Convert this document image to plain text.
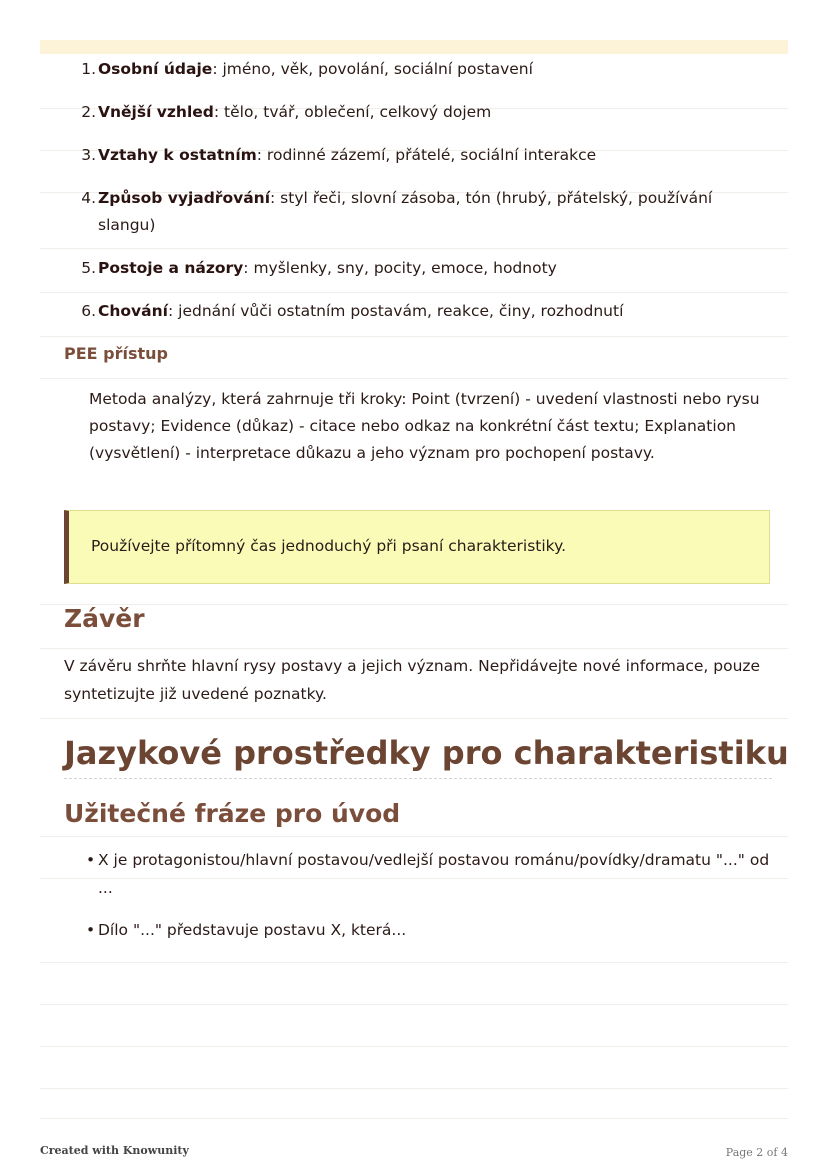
1. Osobní údaje: jméno, věk, povolání, sociální postavení
2. Vnější vzhled: tělo, tvář, oblečení, celkový dojem
3. Vztahy k ostatním: rodinné zázemí, přátelé, sociální interakce
4. Způsob vyjadřování: styl řeči, slovní zásoba, tón (hrubý, přátelský, používání slangu)
5. Postoje a názory: myšlenky, sny, pocity, emoce, hodnoty
6. Chování: jednání vůči ostatním postavám, reakce, činy, rozhodnutí
PEE přístup
Metoda analýzy, která zahrnuje tři kroky: Point (tvrzení) - uvedení vlastnosti nebo rysu postavy; Evidence (důkaz) - citace nebo odkaz na konkrétní část textu; Explanation (vysvětlení) - interpretace důkazu a jeho význam pro pochopení postavy.
Používejte přítomný čas jednoduchý při psaní charakteristiky.
Závěr
V závěru shrňte hlavní rysy postavy a jejich význam. Nepřidávejte nové informace, pouze syntetizujte již uvedené poznatky.
Jazykové prostředky pro charakteristiku
Užitečné fráze pro úvod
• X je protagonistou/hlavní postavou/vedlejší postavou románu/povídky/dramatu "..." od ...
• Dílo "..." představuje postavu X, která...
Created with Knowunity	Page 2 of 4
